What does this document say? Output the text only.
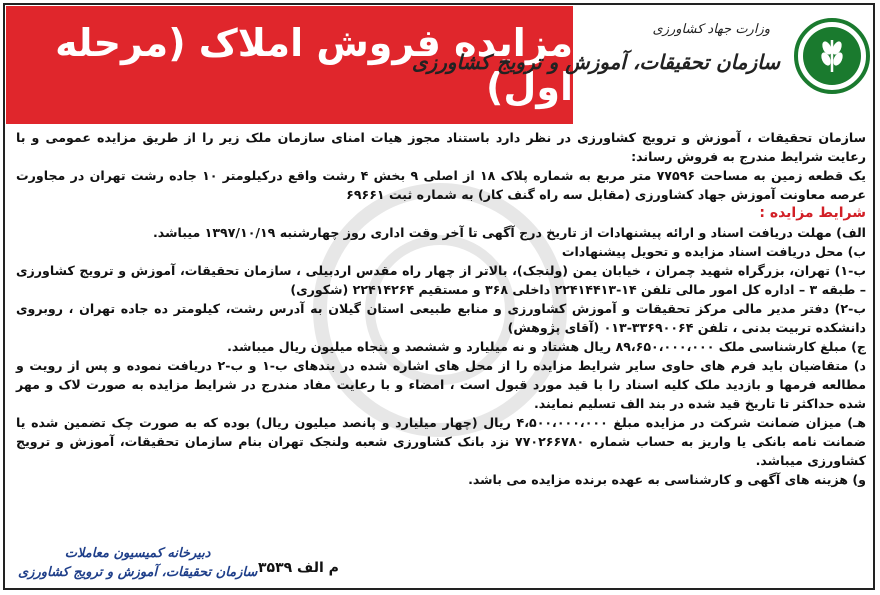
مزایده فروش املاک (مرحله اول)
وزارت جهاد کشاورزی
سازمان تحقیقات، آموزش و ترویج کشاورزی

سازمان تحقیقات ، آموزش و ترویج کشاورزی در نظر دارد باستناد مجوز هیات امنای سازمان ملک زیر را از طریق مزایده عمومی و با رعایت شرایط مندرج به فروش رساند:

یک قطعه زمین به مساحت ۷۷۵۹۶ متر مربع به شماره پلاک ۱۸ از اصلی ۹ بخش ۴ رشت واقع درکیلومتر ۱۰ جاده رشت تهران در مجاورت عرصه معاونت آموزش جهاد کشاورزی (مقابل سه راه گنف کار) به شماره ثبت ۶۹۶۶۱

شرایط مزایده :

الف) مهلت دریافت اسناد و ارائه پیشنهادات از تاریخ درج آگهی تا آخر وقت اداری روز چهارشنبه ۱۳۹۷/۱۰/۱۹ میباشد.

ب) محل دریافت اسناد مزایده و تحویل پیشنهادات

ب-۱) تهران، بزرگراه شهید چمران ، خیابان یمن (ولنجک)، بالاتر از چهار راه مقدس اردبیلی ، سازمان تحقیقات، آموزش و ترویج کشاورزی – طبقه ۳ – اداره کل امور مالی تلفن ۱۴-۲۲۴۱۴۴۱۳ داخلی ۳۶۸ و مستقیم ۲۲۴۱۴۲۶۴ (شکوری)

ب-۲) دفتر مدیر مالی مرکز تحقیقات و آموزش کشاورزی و منابع طبیعی استان گیلان به آدرس رشت، کیلومتر ده جاده تهران ، روبروی دانشکده تربیت بدنی ، تلفن ۳۳۶۹۰۰۶۴-۰۱۳ (آقای پژوهش)

ج) مبلغ کارشناسی ملک ۸۹،۶۵۰،۰۰۰،۰۰۰ ریال هشتاد و نه میلیارد و ششصد و پنجاه میلیون ریال میباشد.

د) متقاضیان باید فرم های حاوی سایر شرایط مزایده را از محل های اشاره شده در بندهای ب-۱ و ب-۲ دریافت نموده و پس از رویت و مطالعه فرمها و بازدید ملک کلیه اسناد را با قید مورد قبول است ، امضاء و با رعایت مفاد مندرج در شرایط مزایده به صورت لاک و مهر شده حداکثر تا تاریخ قید شده در بند الف تسلیم نمایند.

هـ) میزان ضمانت شرکت در مزایده مبلغ ۴،۵۰۰،۰۰۰،۰۰۰ ریال (چهار میلیارد و پانصد میلیون ریال) بوده که به صورت چک تضمین شده یا ضمانت نامه بانکی یا واریز به حساب شماره ۷۷۰۲۶۶۷۸۰ نزد بانک کشاورزی شعبه ولنجک تهران بنام سازمان تحقیقات، آموزش و ترویج کشاورزی میباشد.

و) هزینه های آگهی و کارشناسی به عهده برنده مزایده می باشد.

دبیرخانه کمیسیون معاملات
سازمان تحقیقات، آموزش و ترویج کشاورزی م الف ۳۵۳۹
